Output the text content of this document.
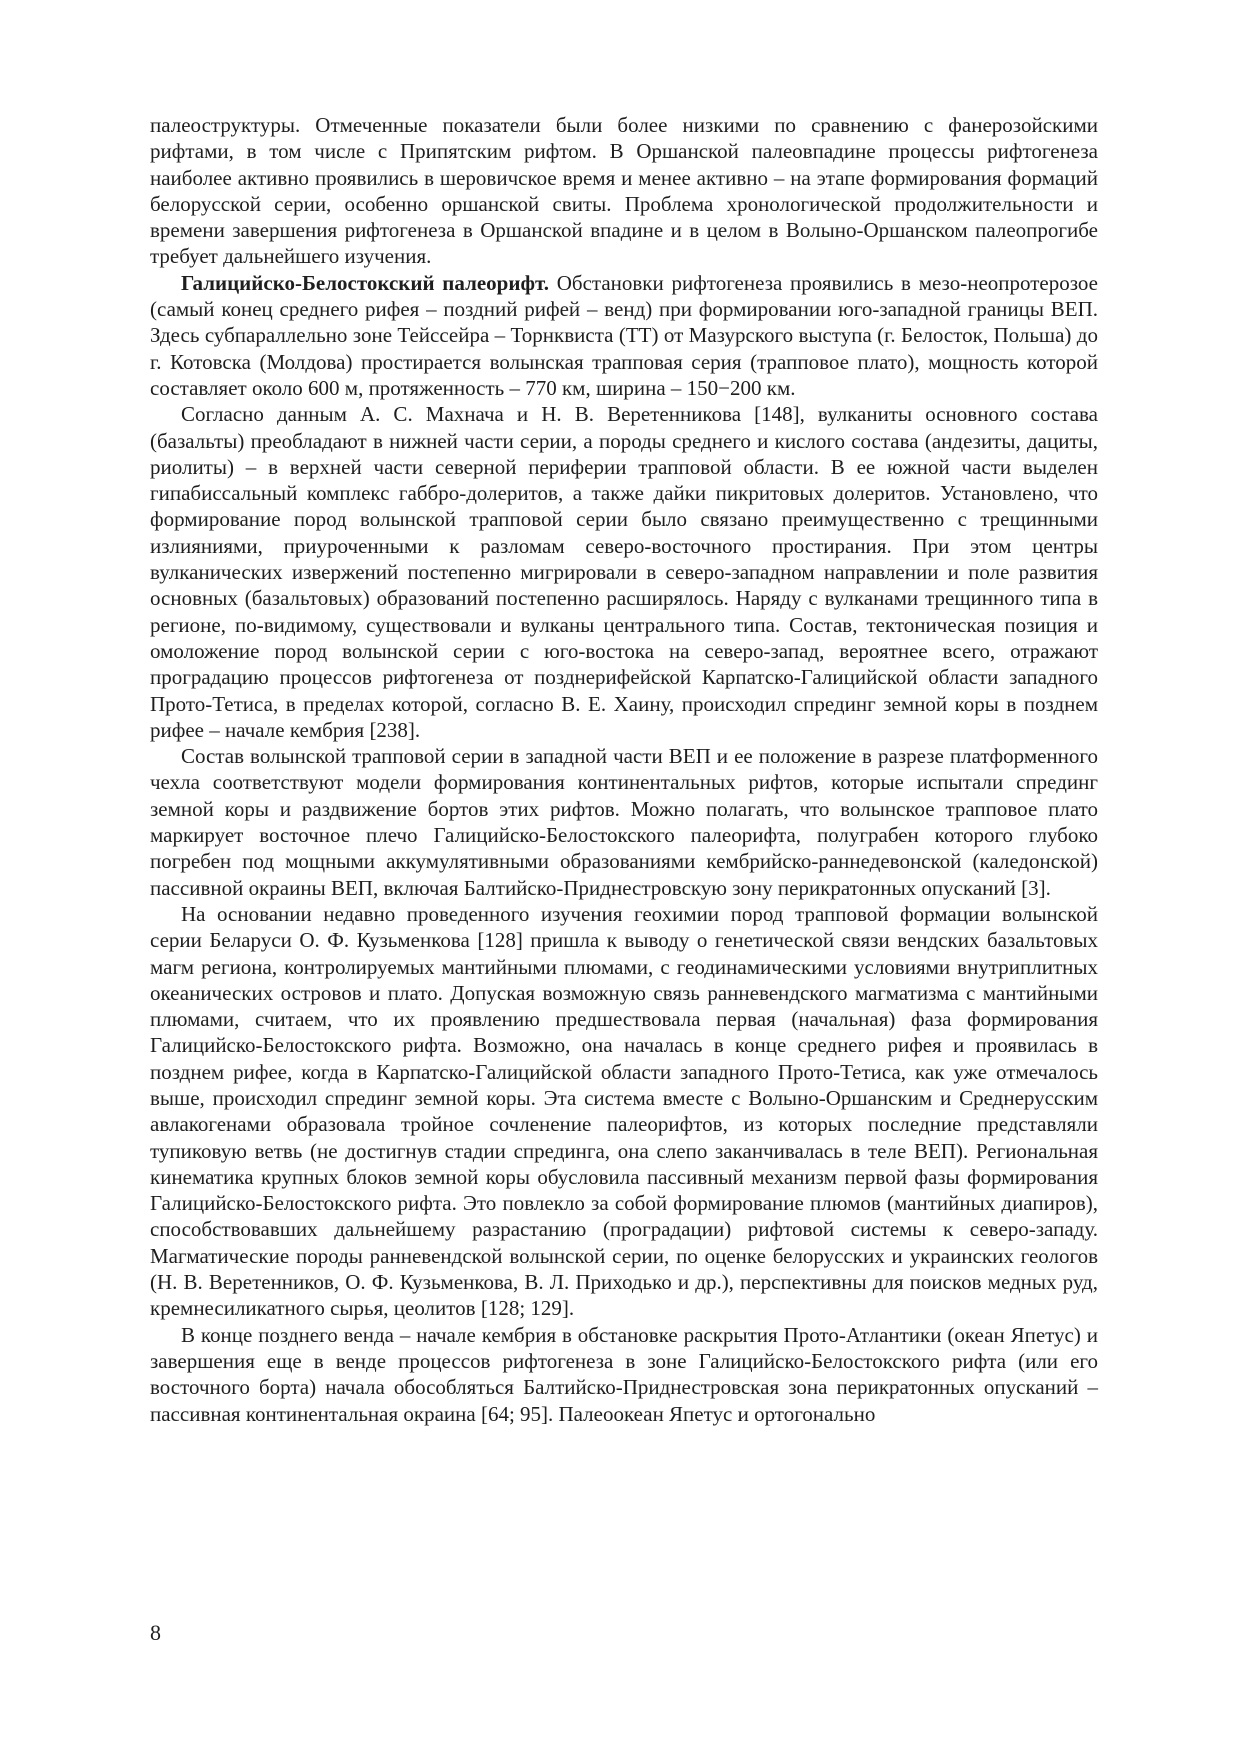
палеоструктуры. Отмеченные показатели были более низкими по сравнению с фанерозойскими рифтами, в том числе с Припятским рифтом. В Оршанской палеовпадине процессы рифтогенеза наиболее активно проявились в шеровичское время и менее активно – на этапе формирования формаций белорусской серии, особенно оршанской свиты. Проблема хронологической продолжительности и времени завершения рифтогенеза в Оршанской впадине и в целом в Волыно-Оршанском палеопрогибе требует дальнейшего изучения.

Галицийско-Белостокский палеорифт. Обстановки рифтогенеза проявились в мезо-неопротерозое (самый конец среднего рифея – поздний рифей – венд) при формировании юго-западной границы ВЕП. Здесь субпараллельно зоне Тейссейра – Торнквиста (ТТ) от Мазурского выступа (г. Белосток, Польша) до г. Котовска (Молдова) простирается волынская трапповая серия (трапповое плато), мощность которой составляет около 600 м, протяженность – 770 км, ширина – 150−200 км.

Согласно данным А. С. Махнача и Н. В. Веретенникова [148], вулканиты основного состава (базальты) преобладают в нижней части серии, а породы среднего и кислого состава (андезиты, дациты, риолиты) – в верхней части северной периферии трапповой области. В ее южной части выделен гипабиссальный комплекс габбро-долеритов, а также дайки пикритовых долеритов. Установлено, что формирование пород волынской трапповой серии было связано преимущественно с трещинными излияниями, приуроченными к разломам северо-восточного простирания. При этом центры вулканических извержений постепенно мигрировали в северо-западном направлении и поле развития основных (базальтовых) образований постепенно расширялось. Наряду с вулканами трещинного типа в регионе, по-видимому, существовали и вулканы центрального типа. Состав, тектоническая позиция и омоложение пород волынской серии с юго-востока на северо-запад, вероятнее всего, отражают проградацию процессов рифтогенеза от позднерифейской Карпатско-Галицийской области западного Прото-Тетиса, в пределах которой, согласно В. Е. Хаину, происходил спрединг земной коры в позднем рифее – начале кембрия [238].

Состав волынской трапповой серии в западной части ВЕП и ее положение в разрезе платформенного чехла соответствуют модели формирования континентальных рифтов, которые испытали спрединг земной коры и раздвижение бортов этих рифтов. Можно полагать, что волынское трапповое плато маркирует восточное плечо Галицийско-Белостокского палеорифта, полуграбен которого глубоко погребен под мощными аккумулятивными образованиями кембрийско-раннедевонской (каледонской) пассивной окраины ВЕП, включая Балтийско-Приднестровскую зону перикратонных опусканий [3].

На основании недавно проведенного изучения геохимии пород трапповой формации волынской серии Беларуси О. Ф. Кузьменкова [128] пришла к выводу о генетической связи вендских базальтовых магм региона, контролируемых мантийными плюмами, с геодинамическими условиями внутриплитных океанических островов и плато. Допуская возможную связь ранневендского магматизма с мантийными плюмами, считаем, что их проявлению предшествовала первая (начальная) фаза формирования Галицийско-Белостокского рифта. Возможно, она началась в конце среднего рифея и проявилась в позднем рифее, когда в Карпатско-Галицийской области западного Прото-Тетиса, как уже отмечалось выше, происходил спрединг земной коры. Эта система вместе с Волыно-Оршанским и Среднерусским авлакогенами образовала тройное сочленение палеорифтов, из которых последние представляли тупиковую ветвь (не достигнув стадии спрединга, она слепо заканчивалась в теле ВЕП). Региональная кинематика крупных блоков земной коры обусловила пассивный механизм первой фазы формирования Галицийско-Белостокского рифта. Это повлекло за собой формирование плюмов (мантийных диапиров), способствовавших дальнейшему разрастанию (проградации) рифтовой системы к северо-западу. Магматические породы ранневендской волынской серии, по оценке белорусских и украинских геологов (Н. В. Веретенников, О. Ф. Кузьменкова, В. Л. Приходько и др.), перспективны для поисков медных руд, кремнесиликатного сырья, цеолитов [128; 129].

В конце позднего венда – начале кембрия в обстановке раскрытия Прото-Атлантики (океан Япетус) и завершения еще в венде процессов рифтогенеза в зоне Галицийско-Белостокского рифта (или его восточного борта) начала обособляться Балтийско-Приднестровская зона перикратонных опусканий – пассивная континентальная окраина [64; 95]. Палеоокеан Япетус и ортогонально

8
